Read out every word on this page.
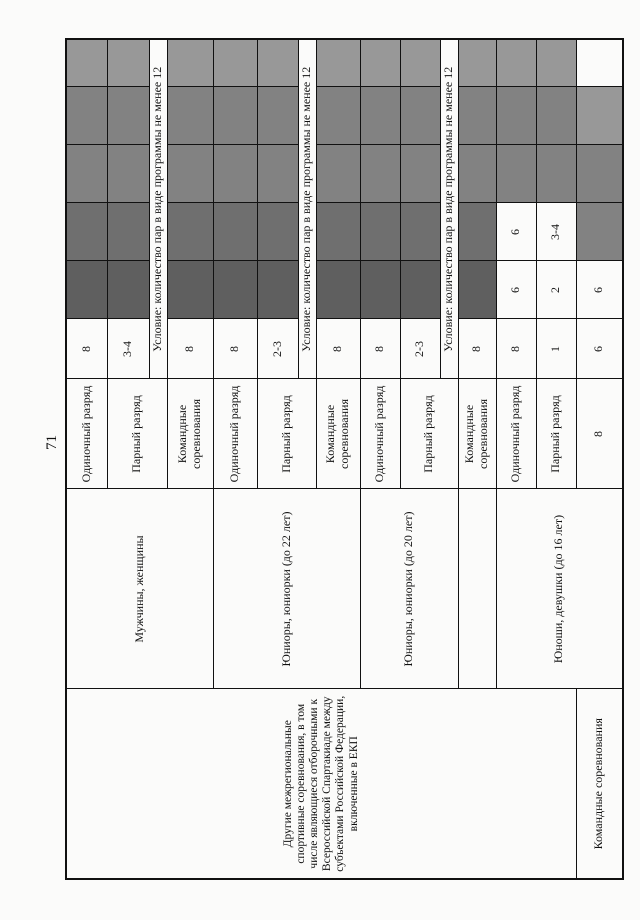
71
Другие межрегиональные спортивные соревнования, в том числе являющиеся отборочными к Всероссийской Спартакиаде между субъектами Российской Федерации, включенные в ЕКП	Мужчины, женщины	Одиночный разряд	8					
		Парный разряд	3-4					
			Условие: количество пар в виде программы не менее 12					
		Командные соревнования	8					
	Юниоры, юниорки (до 22 лет)	Одиночный разряд	8					
		Парный разряд	2-3					
			Условие: количество пар в виде программы не менее 12					
		Командные соревнования	8					
	Юниоры, юниорки (до 20 лет)	Одиночный разряд	8					
		Парный разряд	2-3					
			Условие: количество пар в виде программы не менее 12					
		Командные соревнования	8					
	Юноши, девушки (до 16 лет)	Одиночный разряд	8	6	6			
		Парный разряд	1	2	3-4			
Командные соревнования		8	6	6				
